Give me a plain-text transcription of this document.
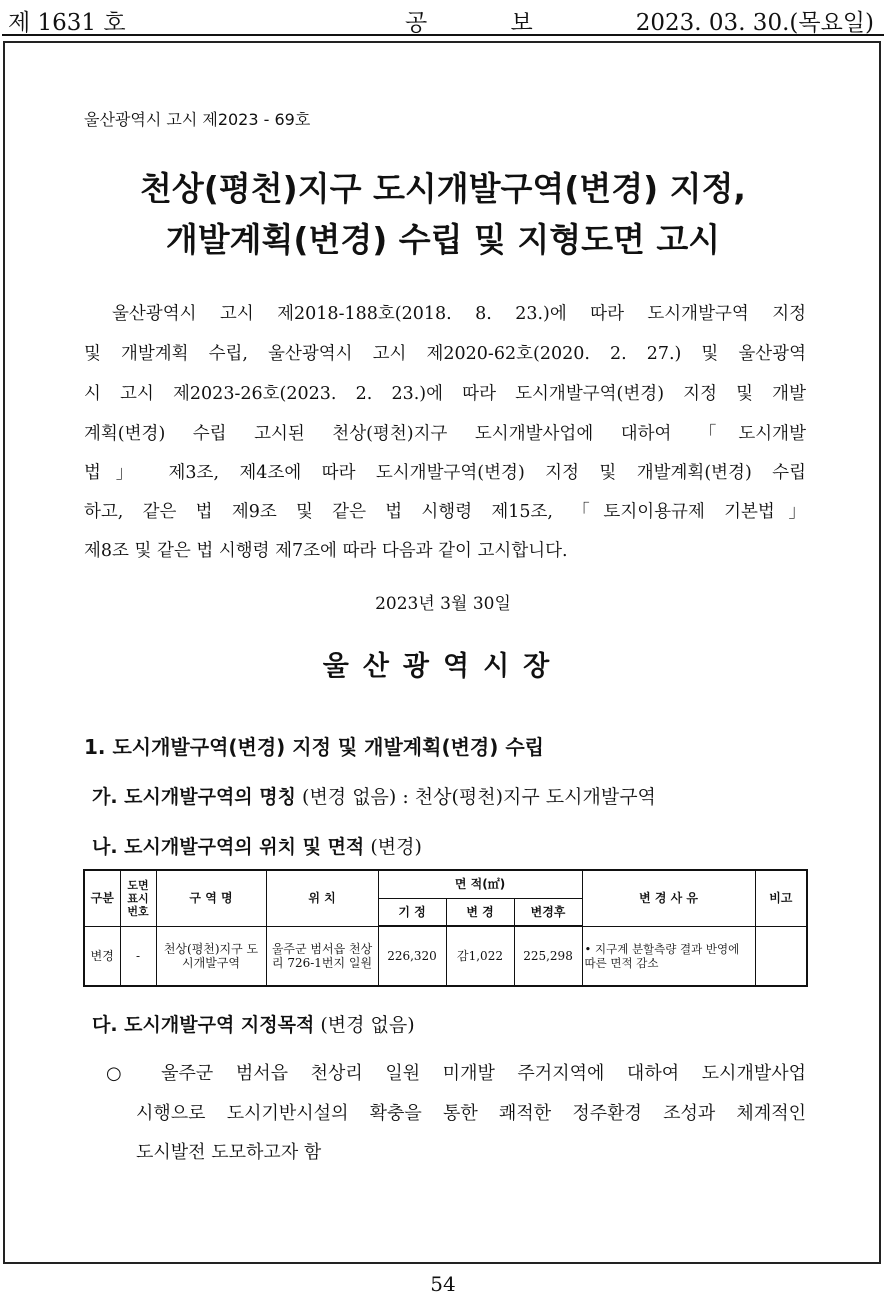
제 1631 호	공 보	2023. 03. 30.(목요일)
울산광역시 고시 제2023 - 69호
천상(평천)지구 도시개발구역(변경) 지정,
개발계획(변경) 수립 및 지형도면 고시
울산광역시 고시 제2018-188호(2018. 8. 23.)에 따라 도시개발구역 지정
및 개발계획 수립, 울산광역시 고시 제2020-62호(2020. 2. 27.) 및 울산광역
시 고시 제2023-26호(2023. 2. 23.)에 따라 도시개발구역(변경) 지정 및 개발
계획(변경) 수립 고시된 천상(평천)지구 도시개발사업에 대하여 「도시개발
법」 제3조, 제4조에 따라 도시개발구역(변경) 지정 및 개발계획(변경) 수립
하고, 같은 법 제9조 및 같은 법 시행령 제15조, 「토지이용규제 기본법」
제8조 및 같은 법 시행령 제7조에 따라 다음과 같이 고시합니다.
2023년 3월 30일
울산광역시장
1. 도시개발구역(변경) 지정 및 개발계획(변경) 수립
가. 도시개발구역의 명칭 (변경 없음) : 천상(평천)지구 도시개발구역
나. 도시개발구역의 위치 및 면적 (변경)
구분	도면 표시 번호	구 역 명	위 치	면 적(㎡)			변 경 사 유	비고
				기 정	변 경	변경후		
변경	-	천상(평천)지구 도시개발구역	울주군 범서읍 천상리 726-1번지 일원	226,320	감1,022	225,298	• 지구계 분할측량 결과 반영에 따른 면적 감소	
다. 도시개발구역 지정목적 (변경 없음)
○ 울주군 범서읍 천상리 일원 미개발 주거지역에 대하여 도시개발사업
시행으로 도시기반시설의 확충을 통한 쾌적한 정주환경 조성과 체계적인
도시발전 도모하고자 함
54
